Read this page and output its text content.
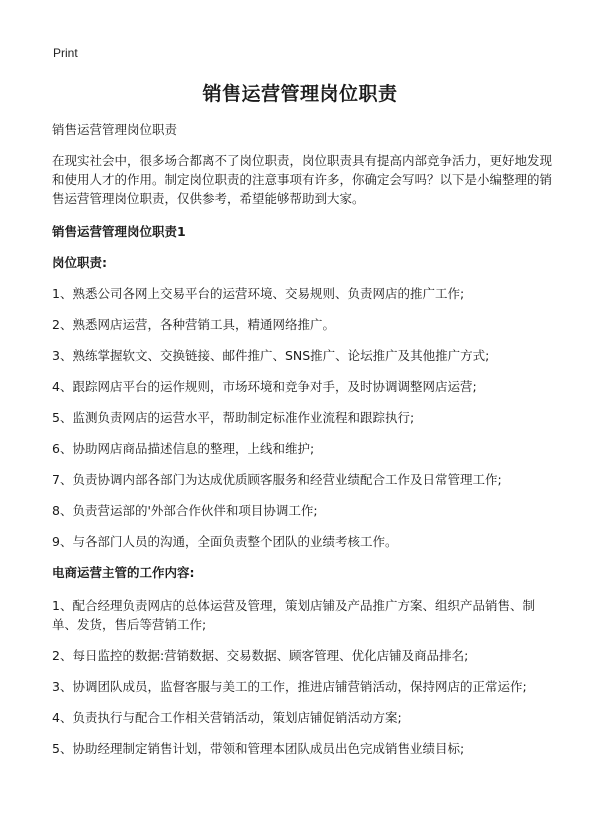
Print
销售运营管理岗位职责

销售运营管理岗位职责

在现实社会中，很多场合都离不了岗位职责，岗位职责具有提高内部竞争活力，更好地发现和使用人才的作用。制定岗位职责的注意事项有许多，你确定会写吗？以下是小编整理的销售运营管理岗位职责，仅供参考，希望能够帮助到大家。

销售运营管理岗位职责1

岗位职责:

1、熟悉公司各网上交易平台的运营环境、交易规则、负责网店的推广工作;

2、熟悉网店运营，各种营销工具，精通网络推广。

3、熟练掌握软文、交换链接、邮件推广、SNS推广、论坛推广及其他推广方式;

4、跟踪网店平台的运作规则，市场环境和竞争对手，及时协调调整网店运营;

5、监测负责网店的运营水平，帮助制定标准作业流程和跟踪执行;

6、协助网店商品描述信息的整理，上线和维护;

7、负责协调内部各部门为达成优质顾客服务和经营业绩配合工作及日常管理工作;

8、负责营运部的'外部合作伙伴和项目协调工作;

9、与各部门人员的沟通，全面负责整个团队的业绩考核工作。

电商运营主管的工作内容:

1、配合经理负责网店的总体运营及管理，策划店铺及产品推广方案、组织产品销售、制单、发货，售后等营销工作;

2、每日监控的数据:营销数据、交易数据、顾客管理、优化店铺及商品排名;

3、协调团队成员，监督客服与美工的工作，推进店铺营销活动，保持网店的正常运作;

4、负责执行与配合工作相关营销活动，策划店铺促销活动方案;

5、协助经理制定销售计划，带领和管理本团队成员出色完成销售业绩目标;
